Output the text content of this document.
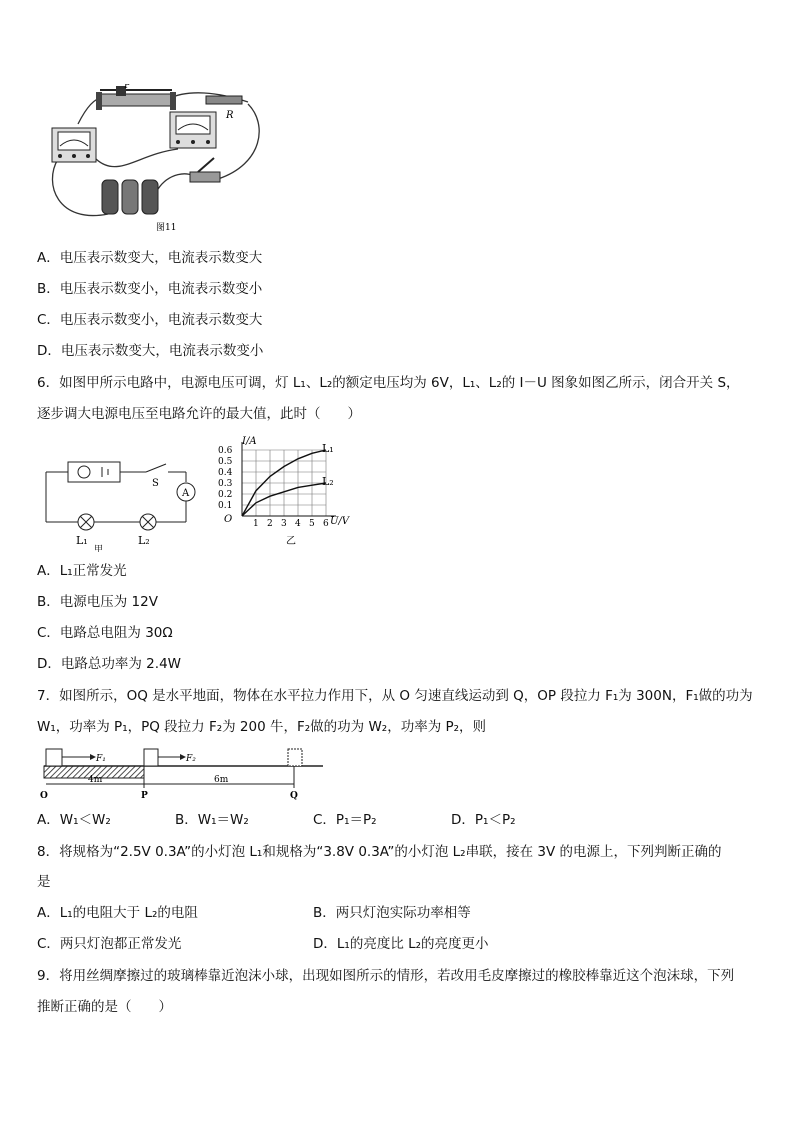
P
R
图11
A．电压表示数变大，电流表示数变大
B．电压表示数变小，电流表示数变小
C．电压表示数变小，电流表示数变大
D．电压表示数变大，电流表示数变小
6．如图甲所示电路中，电源电压可调，灯 L₁、L₂的额定电压均为 6V，L₁、L₂的 I－U 图象如图乙所示，闭合开关 S，
逐步调大电源电压至电路允许的最大值，此时（　　）
A
S
L₁	L₂
甲
0.6
0.5
0.4
0.3
0.2
0.1
1 2 3 4 5 6
I/A
U/V
O
L₁
L₂
乙
A．L₁正常发光
B．电源电压为 12V
C．电路总电阻为 30Ω
D．电路总功率为 2.4W
7．如图所示，OQ 是水平地面，物体在水平拉力作用下，从 O 匀速直线运动到 Q，OP 段拉力 F₁为 300N，F₁做的功为
W₁，功率为 P₁，PQ 段拉力 F₂为 200 牛，F₂做的功为 W₂，功率为 P₂，则
F₁	F₂
4m	6m
O	P	Q
A．W₁＜W₂	B．W₁＝W₂	C．P₁＝P₂	D．P₁＜P₂
8．将规格为“2.5V 0.3A”的小灯泡 L₁和规格为“3.8V 0.3A”的小灯泡 L₂串联，接在 3V 的电源上，下列判断正确的
是
A．L₁的电阻大于 L₂的电阻	B．两只灯泡实际功率相等
C．两只灯泡都正常发光	D．L₁的亮度比 L₂的亮度更小
9．将用丝绸摩擦过的玻璃棒靠近泡沫小球，出现如图所示的情形，若改用毛皮摩擦过的橡胶棒靠近这个泡沫球，下列
推断正确的是（　　）
